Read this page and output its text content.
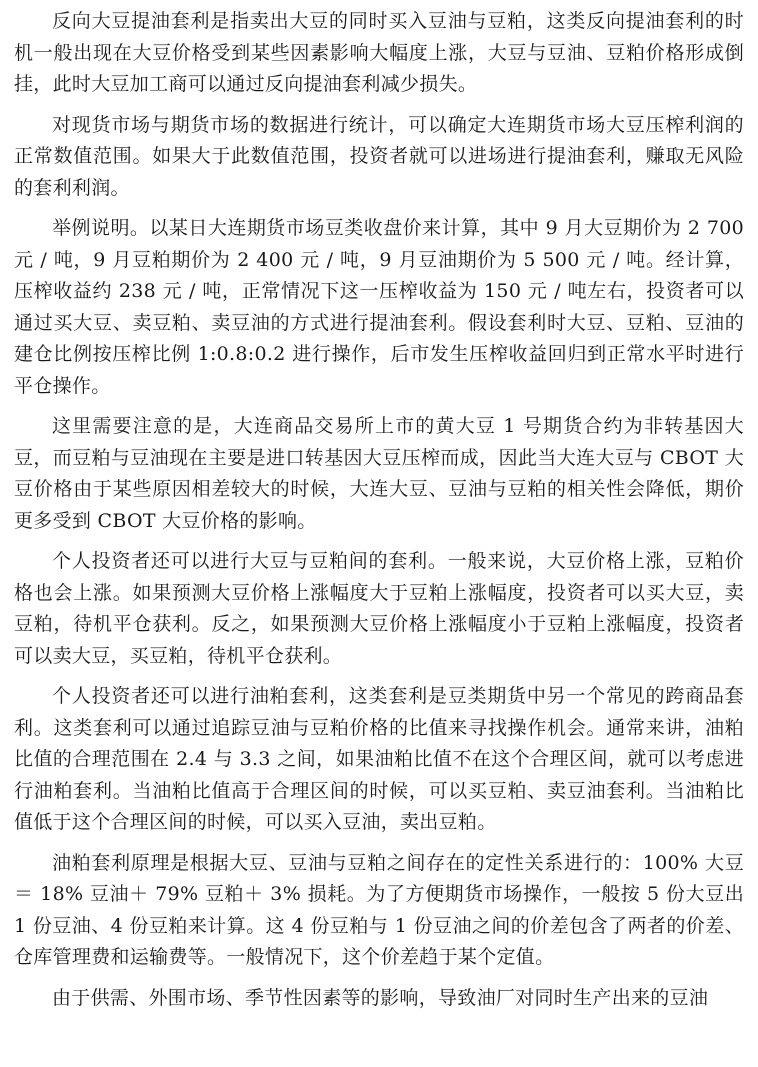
反向大豆提油套利是指卖出大豆的同时买入豆油与豆粕，这类反向提油套利的时机一般出现在大豆价格受到某些因素影响大幅度上涨，大豆与豆油、豆粕价格形成倒挂，此时大豆加工商可以通过反向提油套利减少损失。

对现货市场与期货市场的数据进行统计，可以确定大连期货市场大豆压榨利润的正常数值范围。如果大于此数值范围，投资者就可以进场进行提油套利，赚取无风险的套利利润。

举例说明。以某日大连期货市场豆类收盘价来计算，其中 9 月大豆期价为 2 700 元 / 吨，9 月豆粕期价为 2 400 元 / 吨，9 月豆油期价为 5 500 元 / 吨。经计算，压榨收益约 238 元 / 吨，正常情况下这一压榨收益为 150 元 / 吨左右，投资者可以通过买大豆、卖豆粕、卖豆油的方式进行提油套利。假设套利时大豆、豆粕、豆油的建仓比例按压榨比例 1:0.8:0.2 进行操作，后市发生压榨收益回归到正常水平时进行平仓操作。

这里需要注意的是，大连商品交易所上市的黄大豆 1 号期货合约为非转基因大豆，而豆粕与豆油现在主要是进口转基因大豆压榨而成，因此当大连大豆与 CBOT 大豆价格由于某些原因相差较大的时候，大连大豆、豆油与豆粕的相关性会降低，期价更多受到 CBOT 大豆价格的影响。

个人投资者还可以进行大豆与豆粕间的套利。一般来说，大豆价格上涨，豆粕价格也会上涨。如果预测大豆价格上涨幅度大于豆粕上涨幅度，投资者可以买大豆，卖豆粕，待机平仓获利。反之，如果预测大豆价格上涨幅度小于豆粕上涨幅度，投资者可以卖大豆，买豆粕，待机平仓获利。

个人投资者还可以进行油粕套利，这类套利是豆类期货中另一个常见的跨商品套利。这类套利可以通过追踪豆油与豆粕价格的比值来寻找操作机会。通常来讲，油粕比值的合理范围在 2.4 与 3.3 之间，如果油粕比值不在这个合理区间，就可以考虑进行油粕套利。当油粕比值高于合理区间的时候，可以买豆粕、卖豆油套利。当油粕比值低于这个合理区间的时候，可以买入豆油，卖出豆粕。

油粕套利原理是根据大豆、豆油与豆粕之间存在的定性关系进行的：100% 大豆 ＝ 18% 豆油＋ 79% 豆粕＋ 3% 损耗。为了方便期货市场操作，一般按 5 份大豆出 1 份豆油、4 份豆粕来计算。这 4 份豆粕与 1 份豆油之间的价差包含了两者的价差、仓库管理费和运输费等。一般情况下，这个价差趋于某个定值。

由于供需、外围市场、季节性因素等的影响，导致油厂对同时生产出来的豆油
